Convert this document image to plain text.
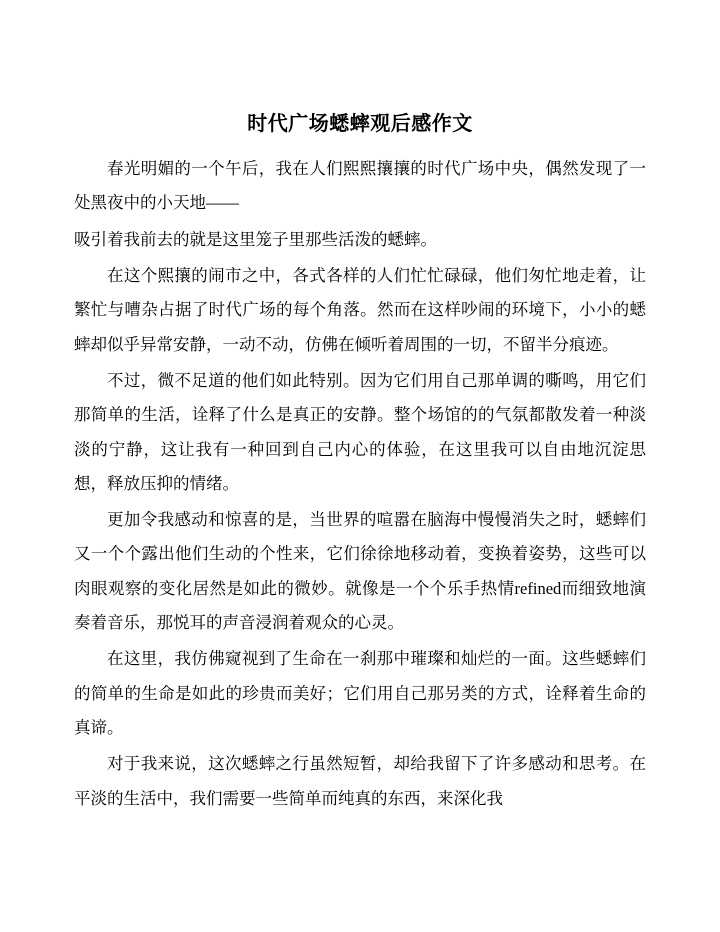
时代广场蟋蟀观后感作文

春光明媚的一个午后，我在人们熙熙攘攘的时代广场中央，偶然发现了一处黑夜中的小天地——

吸引着我前去的就是这里笼子里那些活泼的蟋蟀。

在这个熙攘的闹市之中，各式各样的人们忙忙碌碌，他们匆忙地走着，让繁忙与嘈杂占据了时代广场的每个角落。然而在这样吵闹的环境下，小小的蟋蟀却似乎异常安静，一动不动，仿佛在倾听着周围的一切，不留半分痕迹。

不过，微不足道的他们如此特别。因为它们用自己那单调的嘶鸣，用它们那简单的生活，诠释了什么是真正的安静。整个场馆的的气氛都散发着一种淡淡的宁静，这让我有一种回到自己内心的体验，在这里我可以自由地沉淀思想，释放压抑的情绪。

更加令我感动和惊喜的是，当世界的喧嚣在脑海中慢慢消失之时，蟋蟀们又一个个露出他们生动的个性来，它们徐徐地移动着，变换着姿势，这些可以肉眼观察的变化居然是如此的微妙。就像是一个个乐手热情refined而细致地演奏着音乐，那悦耳的声音浸润着观众的心灵。

在这里，我仿佛窥视到了生命在一刹那中璀璨和灿烂的一面。这些蟋蟀们的简单的生命是如此的珍贵而美好；它们用自己那另类的方式，诠释着生命的真谛。

对于我来说，这次蟋蟀之行虽然短暂，却给我留下了许多感动和思考。在平淡的生活中，我们需要一些简单而纯真的东西，来深化我
